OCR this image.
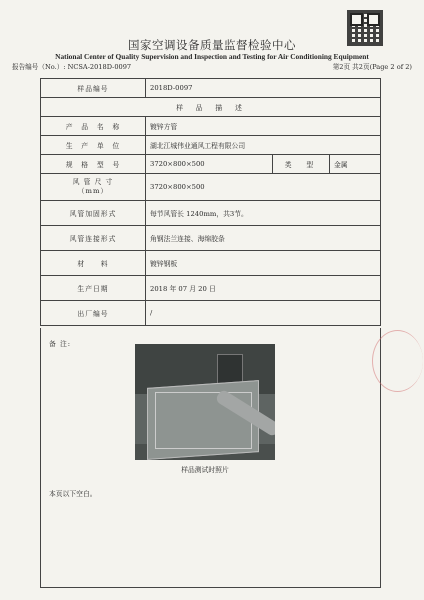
国家空调设备质量监督检验中心
National Center of Quality Supervision and Inspection and Testing for Air Conditioning Equipment
报告编号（No.）: NCSA-2018D-0097	第2页 共2页(Page 2 of 2)
样品编号	2018D-0097		
样　品　描　述			
产　品　名　称	镀锌方管		
生　产　单　位	湖北江城伟业通风工程有限公司		
规　格　型　号	3720×800×500	类　型	金属
风 管 尺 寸
（mm）	3720×800×500		
风管加固形式	每节风管长 1240mm，共3节。		
风管连接形式	角钢法兰连接、海绵胶条		
材　　料	镀锌钢板		
生产日期	2018 年 07 月 20 日		
出厂编号	/		
备 注:
样品测试时照片
本页以下空白。
